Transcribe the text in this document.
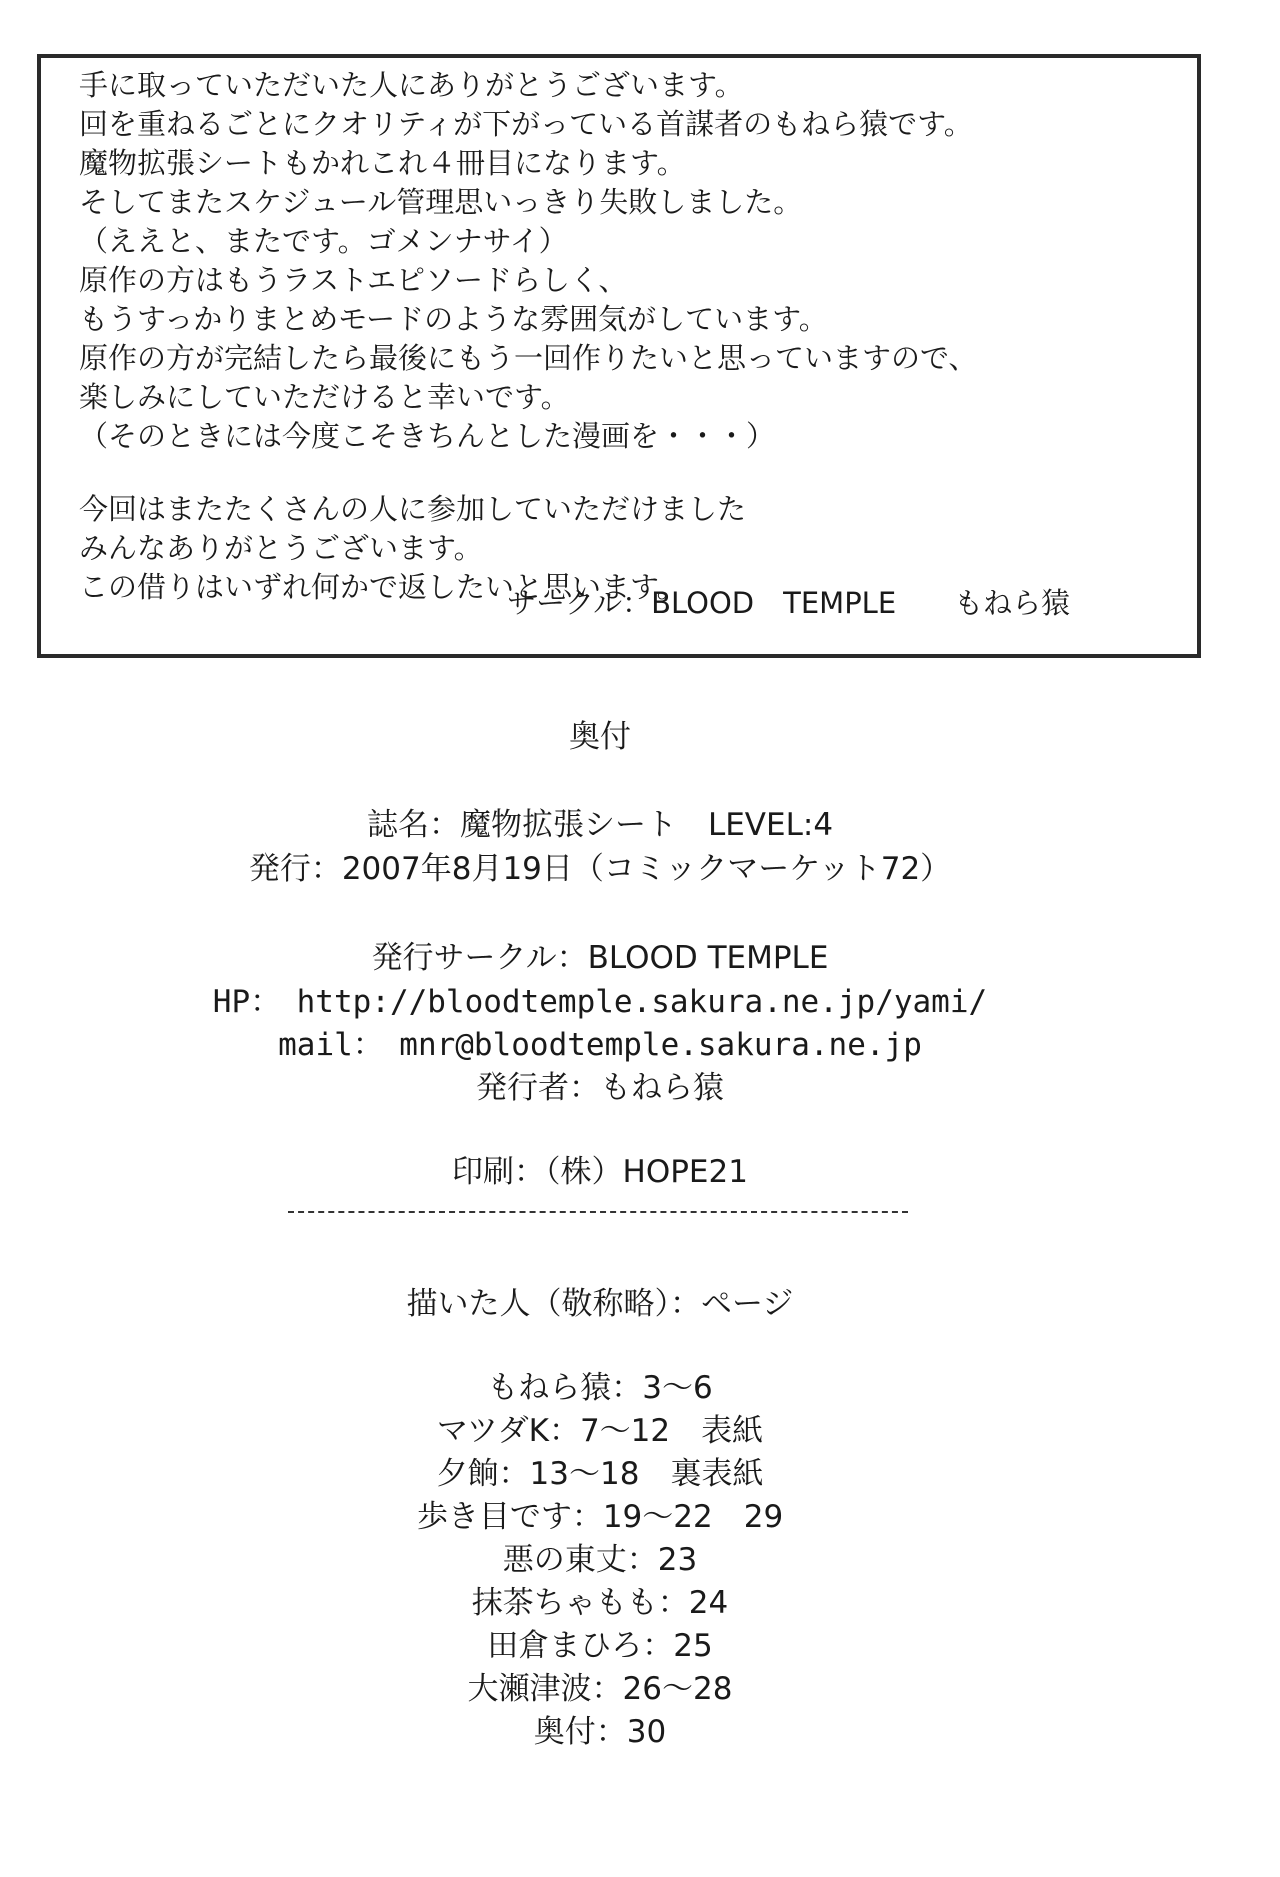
手に取っていただいた人にありがとうございます。
回を重ねるごとにクオリティが下がっている首謀者のもねら猿です。
魔物拡張シートもかれこれ４冊目になります。
そしてまたスケジュール管理思いっきり失敗しました。
（ええと、またです。ゴメンナサイ）
原作の方はもうラストエピソードらしく、
もうすっかりまとめモードのような雰囲気がしています。
原作の方が完結したら最後にもう一回作りたいと思っていますので、
楽しみにしていただけると幸いです。
（そのときには今度こそきちんとした漫画を・・・）
今回はまたたくさんの人に参加していただけました
みんなありがとうございます。
この借りはいずれ何かで返したいと思います。
サークル：BLOOD　TEMPLE　　もねら猿
奥付
誌名：魔物拡張シート　LEVEL:4
発行：2007年8月19日（コミックマーケット72）
発行サークル：BLOOD TEMPLE
HP：　http://bloodtemple.sakura.ne.jp/yami/
mail：　mnr@bloodtemple.sakura.ne.jp
発行者：もねら猿
印刷：（株）HOPE21
描いた人（敬称略）：ページ
もねら猿：3～6
マツダK：7～12　表紙
夕餉：13～18　裏表紙
歩き目です：19～22　29
悪の東丈：23
抹茶ちゃもも：24
田倉まひろ：25
大瀬津波：26～28
奥付：30
